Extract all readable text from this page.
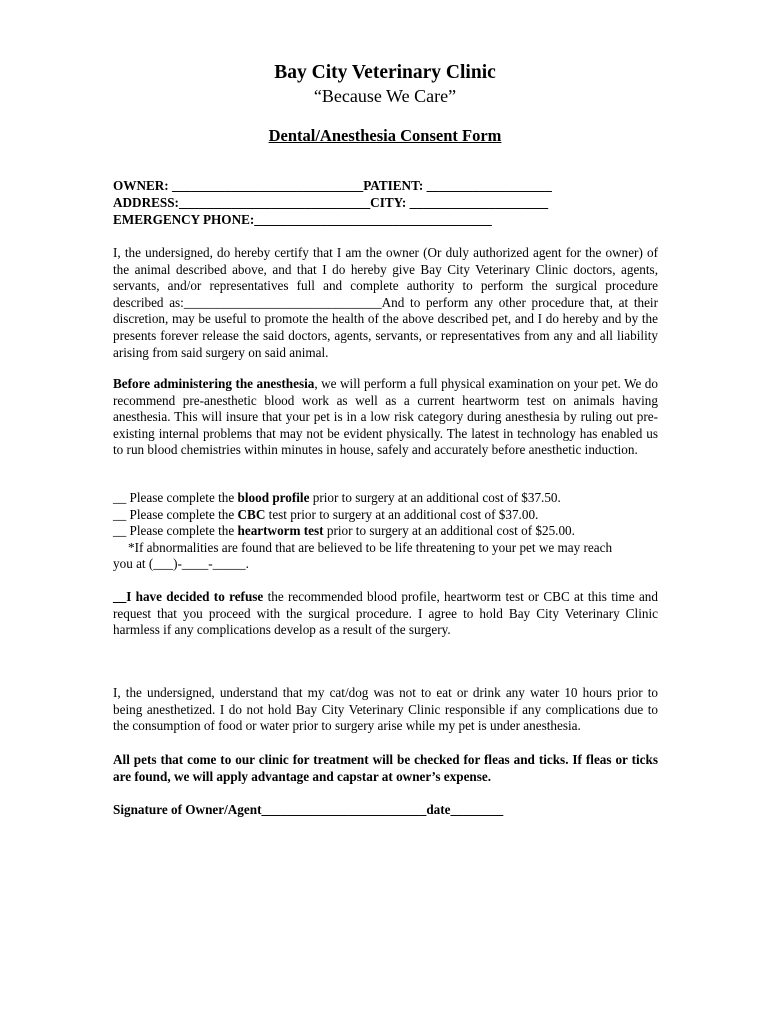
Bay City Veterinary Clinic
“Because We Care”
Dental/Anesthesia Consent Form
OWNER: _____________________________PATIENT: ___________________
ADDRESS:_____________________________CITY: _____________________
EMERGENCY PHONE:____________________________________

I, the undersigned, do hereby certify that I am the owner (Or duly authorized agent for the owner) of the animal described above, and that I do hereby give Bay City Veterinary Clinic doctors, agents, servants, and/or representatives full and complete authority to perform the surgical procedure described as:______________________________And to perform any other procedure that, at their discretion, may be useful to promote the health of the above described pet, and I do hereby and by the presents forever release the said doctors, agents, servants, or representatives from any and all liability arising from said surgery on said animal.

Before administering the anesthesia, we will perform a full physical examination on your pet. We do recommend pre-anesthetic blood work as well as a current heartworm test on animals having anesthesia. This will insure that your pet is in a low risk category during anesthesia by ruling out pre-existing internal problems that may not be evident physically. The latest in technology has enabled us to run blood chemistries within minutes in house, safely and accurately before anesthetic induction.

__ Please complete the blood profile prior to surgery at an additional cost of $37.50.
__ Please complete the CBC test prior to surgery at an additional cost of $37.00.
__ Please complete the heartworm test prior to surgery at an additional cost of $25.00.
*If abnormalities are found that are believed to be life threatening to your pet we may reach
you at (___)-____-_____.

__I have decided to refuse the recommended blood profile, heartworm test or CBC at this time and request that you proceed with the surgical procedure. I agree to hold Bay City Veterinary Clinic harmless if any complications develop as a result of the surgery.

I, the undersigned, understand that my cat/dog was not to eat or drink any water 10 hours prior to being anesthetized. I do not hold Bay City Veterinary Clinic responsible if any complications due to the consumption of food or water prior to surgery arise while my pet is under anesthesia.

All pets that come to our clinic for treatment will be checked for fleas and ticks. If fleas or ticks are found, we will apply advantage and capstar at owner’s expense.

Signature of Owner/Agent_________________________date________
